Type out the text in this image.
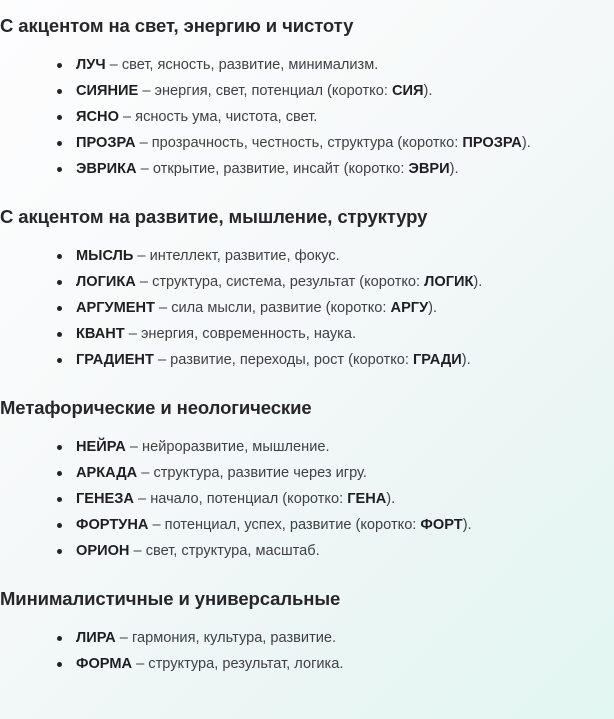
С акцентом на свет, энергию и чистоту
ЛУЧ – свет, ясность, развитие, минимализм.
СИЯНИЕ – энергия, свет, потенциал (коротко: СИЯ).
ЯСНО – ясность ума, чистота, свет.
ПРОЗРА – прозрачность, честность, структура (коротко: ПРОЗРА).
ЭВРИКА – открытие, развитие, инсайт (коротко: ЭВРИ).
С акцентом на развитие, мышление, структуру
МЫСЛЬ – интеллект, развитие, фокус.
ЛОГИКА – структура, система, результат (коротко: ЛОГИК).
АРГУМЕНТ – сила мысли, развитие (коротко: АРГУ).
КВАНТ – энергия, современность, наука.
ГРАДИЕНТ – развитие, переходы, рост (коротко: ГРАДИ).
Метафорические и неологические
НЕЙРА – нейроразвитие, мышление.
АРКАДА – структура, развитие через игру.
ГЕНЕЗА – начало, потенциал (коротко: ГЕНА).
ФОРТУНА – потенциал, успех, развитие (коротко: ФОРТ).
ОРИОН – свет, структура, масштаб.
Минималистичные и универсальные
ЛИРА – гармония, культура, развитие.
ФОРМА – структура, результат, логика.
